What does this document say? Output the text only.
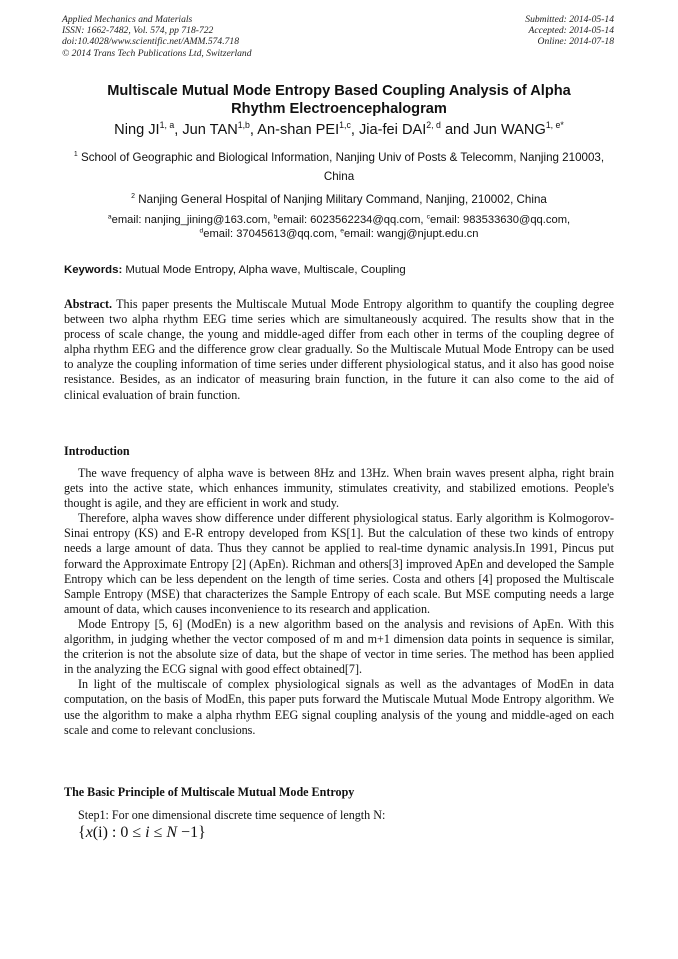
Applied Mechanics and Materials
ISSN: 1662-7482, Vol. 574, pp 718-722
doi:10.4028/www.scientific.net/AMM.574.718
© 2014 Trans Tech Publications Ltd, Switzerland
Submitted: 2014-05-14
Accepted: 2014-05-14
Online: 2014-07-18
Multiscale Mutual Mode Entropy Based Coupling Analysis of Alpha
Rhythm Electroencephalogram
Ning JI$^{1, a}$, Jun TAN$^{1,b}$, An-shan PEI$^{1,c}$, Jia-fei DAI$^{2, d}$ and Jun $WANG^{1, e*}$
$^1$ School of Geographic and Biological Information, Nanjing Univ of Posts & Telecomm, Nanjing 210003, China
$^2$ Nanjing General Hospital of Nanjing Military Command, Nanjing, 210002, China
$^a$email: nanjing_jining@163.com, $^b$email: 6023562234@qq.com, $^c$email: 983533630@qq.com,
$^d$email: 37045613@qq.com, $^e$email: wangj@njupt.edu.cn
Keywords: Mutual Mode Entropy, Alpha wave, Multiscale, Coupling
Abstract. This paper presents the Multiscale Mutual Mode Entropy algorithm to quantify the coupling degree between two alpha rhythm EEG time series which are simultaneously acquired. The results show that in the process of scale change, the young and middle-aged differ from each other in terms of the coupling degree of alpha rhythm EEG and the difference grow clear gradually. So the Multiscale Mutual Mode Entropy can be used to analyze the coupling information of time series under different physiological status, and it also has good noise resistance. Besides, as an indicator of measuring brain function, in the future it can also come to the aid of clinical evaluation of brain function.
Introduction

The wave frequency of alpha wave is between 8Hz and 13Hz. When brain waves present alpha, right brain gets into the active state, which enhances immunity, stimulates creativity, and stabilized emotions. People's thought is agile, and they are efficient in work and study.

Therefore, alpha waves show difference under different physiological status. Early algorithm is Kolmogorov-Sinai entropy (KS) and E-R entropy developed from KS[1]. But the calculation of these two kinds of entropy needs a large amount of data. Thus they cannot be applied to real-time dynamic analysis.In 1991, Pincus put forward the Approximate Entropy [2] (ApEn). Richman and others[3] improved ApEn and developed the Sample Entropy which can be less dependent on the length of time series. Costa and others [4] proposed the Multiscale Sample Entropy (MSE) that characterizes the Sample Entropy of each scale. But MSE computing needs a large amount of data, which causes inconvenience to its research and application.

Mode Entropy [5, 6] (ModEn) is a new algorithm based on the analysis and revisions of ApEn. With this algorithm, in judging whether the vector composed of m and m+1 dimension data points in sequence is similar, the criterion is not the absolute size of data, but the shape of vector in time series. The method has been applied in the analyzing the ECG signal with good effect obtained[7].

In light of the multiscale of complex physiological signals as well as the advantages of ModEn in data computation, on the basis of ModEn, this paper puts forward the Mutiscale Mutual Mode Entropy algorithm. We use the algorithm to make a alpha rhythm EEG signal coupling analysis of the young and middle-aged on each scale and come to relevant conclusions.

The Basic Principle of Multiscale Mutual Mode Entropy

Step1: For one dimensional discrete time sequence of length N:

{x(i) : 0 ≤ i ≤ N −1}
